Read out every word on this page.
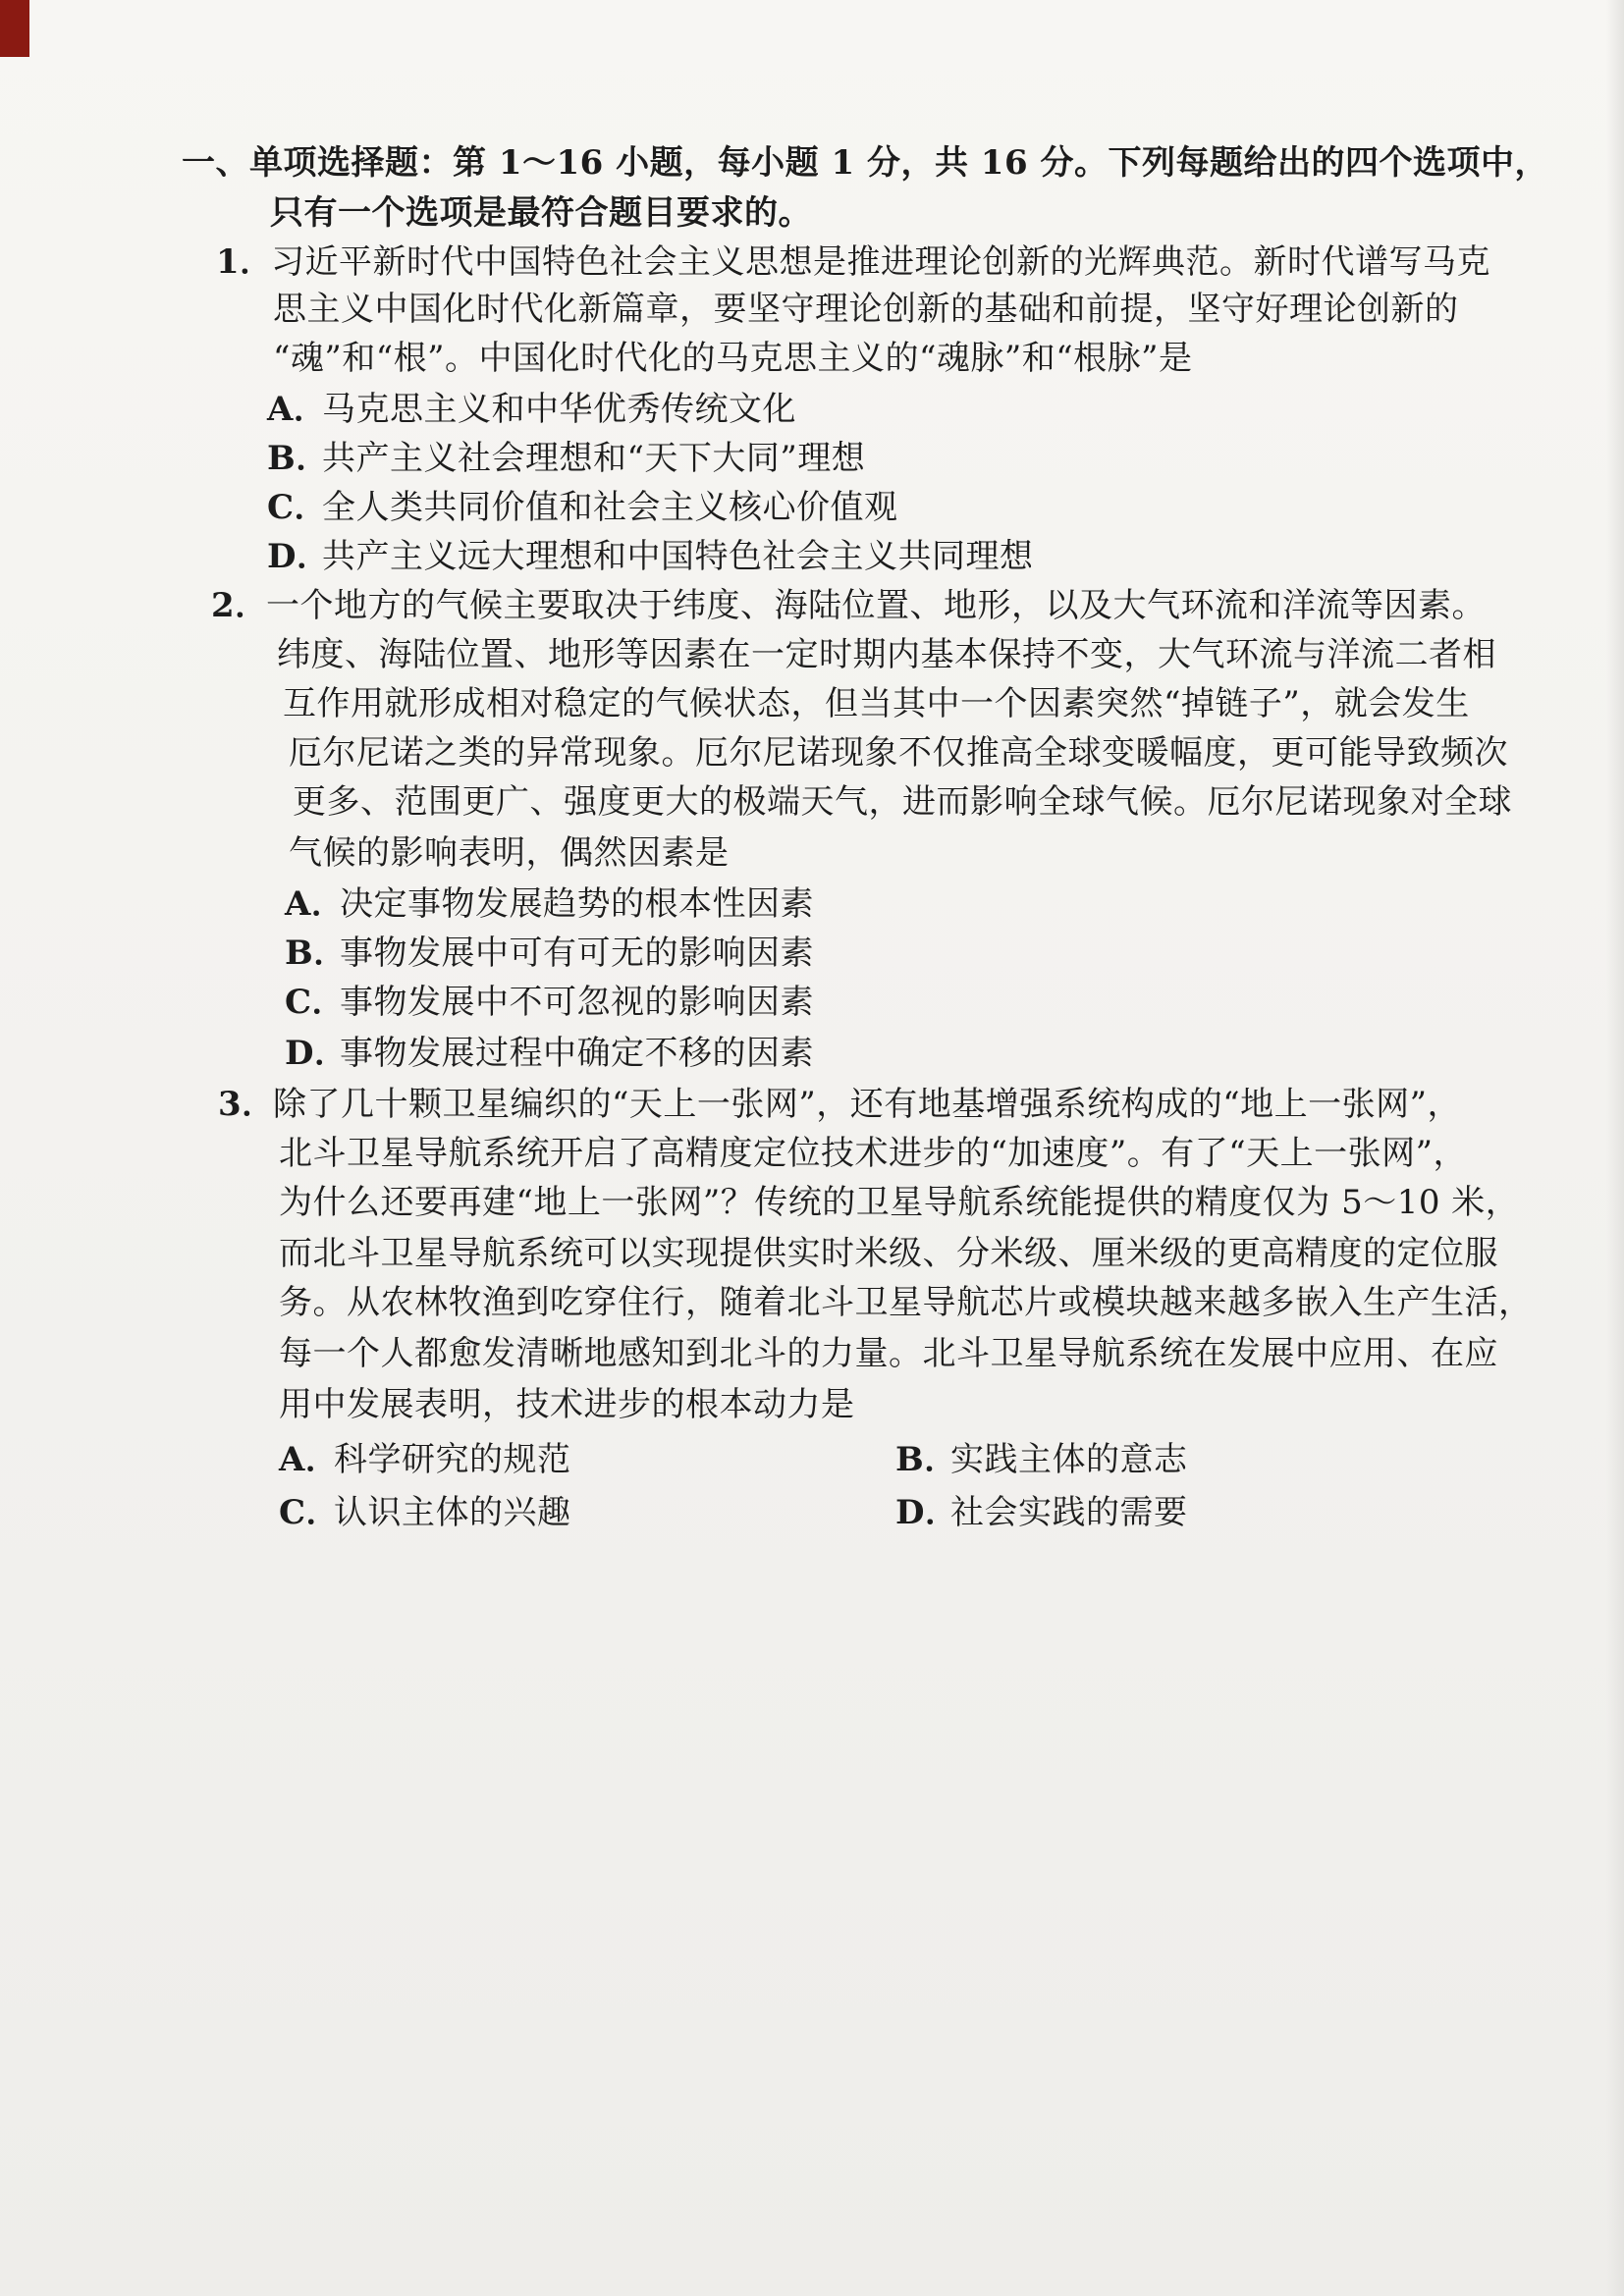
一、单项选择题：第 1～16 小题，每小题 1 分，共 16 分。下列每题给出的四个选项中，
只有一个选项是最符合题目要求的。
1．习近平新时代中国特色社会主义思想是推进理论创新的光辉典范。新时代谱写马克
思主义中国化时代化新篇章，要坚守理论创新的基础和前提，坚守好理论创新的
“魂”和“根”。中国化时代化的马克思主义的“魂脉”和“根脉”是
A．马克思主义和中华优秀传统文化
B．共产主义社会理想和“天下大同”理想
C．全人类共同价值和社会主义核心价值观
D．共产主义远大理想和中国特色社会主义共同理想
2．一个地方的气候主要取决于纬度、海陆位置、地形，以及大气环流和洋流等因素。
纬度、海陆位置、地形等因素在一定时期内基本保持不变，大气环流与洋流二者相
互作用就形成相对稳定的气候状态，但当其中一个因素突然“掉链子”，就会发生
厄尔尼诺之类的异常现象。厄尔尼诺现象不仅推高全球变暖幅度，更可能导致频次
更多、范围更广、强度更大的极端天气，进而影响全球气候。厄尔尼诺现象对全球
气候的影响表明，偶然因素是
A．决定事物发展趋势的根本性因素
B．事物发展中可有可无的影响因素
C．事物发展中不可忽视的影响因素
D．事物发展过程中确定不移的因素
3．除了几十颗卫星编织的“天上一张网”，还有地基增强系统构成的“地上一张网”，
北斗卫星导航系统开启了高精度定位技术进步的“加速度”。有了“天上一张网”，
为什么还要再建“地上一张网”？传统的卫星导航系统能提供的精度仅为 5～10 米，
而北斗卫星导航系统可以实现提供实时米级、分米级、厘米级的更高精度的定位服
务。从农林牧渔到吃穿住行，随着北斗卫星导航芯片或模块越来越多嵌入生产生活，
每一个人都愈发清晰地感知到北斗的力量。北斗卫星导航系统在发展中应用、在应
用中发展表明，技术进步的根本动力是
A．科学研究的规范	B．实践主体的意志
C．认识主体的兴趣	D．社会实践的需要
